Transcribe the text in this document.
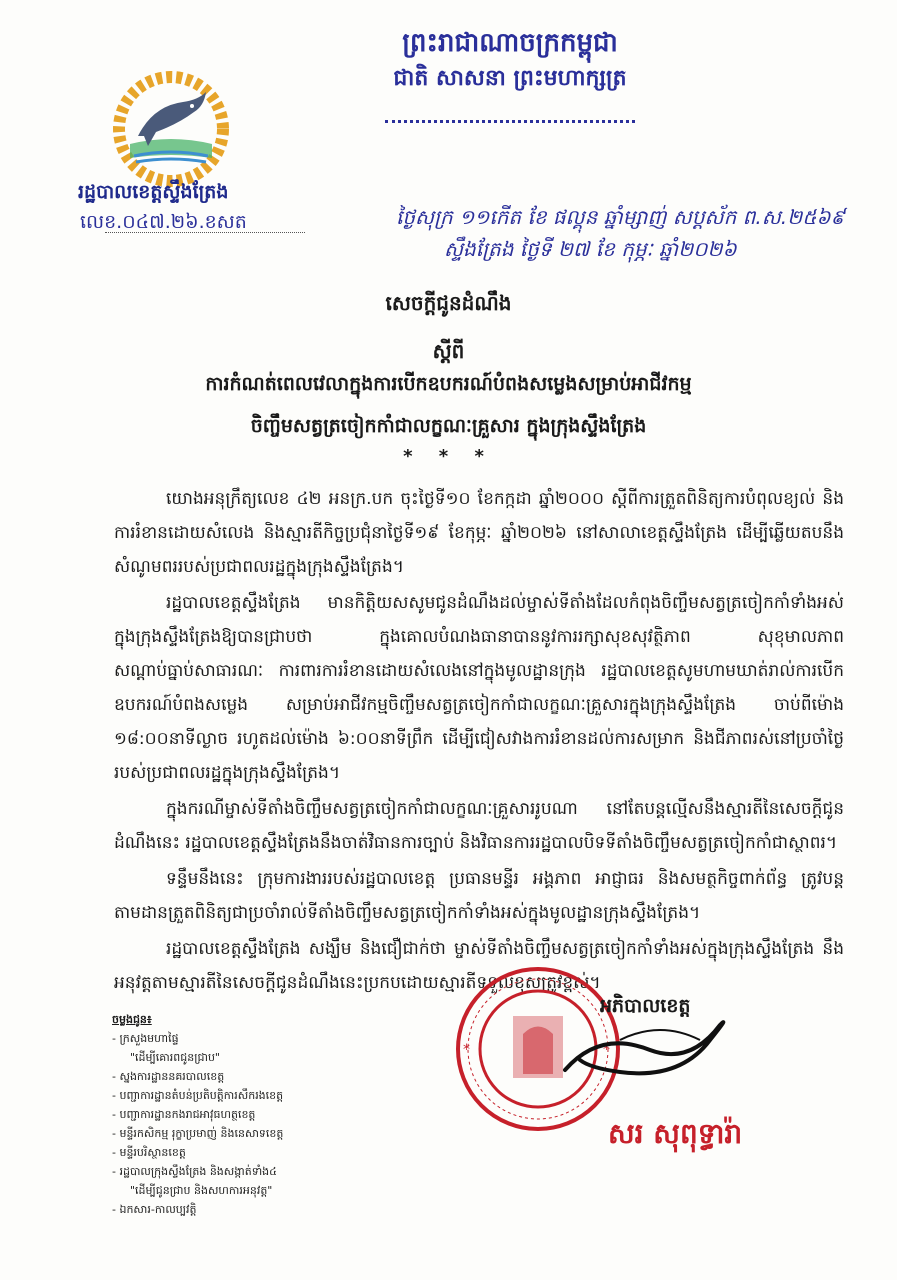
ព្រះរាជាណាចក្រកម្ពុជា
ជាតិ សាសនា ព្រះមហាក្សត្រ
រដ្ឋបាលខេត្តស្ទឹងត្រែង
លេខ.០៤៧.២៦.ខសត	ថ្ងៃសុក្រ ១១កើត ខែ ផល្គុន ឆ្នាំម្សាញ់ សប្តស័ក ព.ស.២៥៦៩
ស្ទឹងត្រែង ថ្ងៃទី ២៧ ខែ កុម្ភៈ ឆ្នាំ២០២៦
សេចក្តីជូនដំណឹង
ស្តីពី
ការកំណត់ពេលវេលាក្នុងការបើកឧបករណ៍បំពងសម្លេងសម្រាប់អាជីវកម្ម
ចិញ្ចឹមសត្វត្រចៀកកាំជាលក្ខណៈគ្រួសារ ក្នុងក្រុងស្ទឹងត្រែង
* * *

យោងអនុក្រឹត្យលេខ ៤២ អនក្រ.បក ចុះថ្ងៃទី១០ ខែកក្កដា ឆ្នាំ២០០០ ស្តីពីការត្រួតពិនិត្យការបំពុលខ្យល់ និងការរំខានដោយសំលេង និងស្មារតីកិច្ចប្រជុំនាថ្ងៃទី១៩ ខែកុម្ភៈ ឆ្នាំ២០២៦ នៅសាលាខេត្តស្ទឹងត្រែង ដើម្បីឆ្លើយតបនឹងសំណូមពររបស់ប្រជាពលរដ្ឋក្នុងក្រុងស្ទឹងត្រែង។

រដ្ឋបាលខេត្តស្ទឹងត្រែង មានកិត្តិយសសូមជូនដំណឹងដល់ម្ចាស់ទីតាំងដែលកំពុងចិញ្ចឹមសត្វត្រចៀកកាំទាំងអស់ក្នុងក្រុងស្ទឹងត្រែងឱ្យបានជ្រាបថា ក្នុងគោលបំណងធានាបាននូវការរក្សាសុខសុវត្ថិភាព សុខុមាលភាព សណ្តាប់ធ្នាប់សាធារណៈ ការពារការរំខានដោយសំលេងនៅក្នុងមូលដ្ឋានក្រុង រដ្ឋបាលខេត្តសូមហាមឃាត់រាល់ការបើកឧបករណ៍បំពងសម្លេង សម្រាប់អាជីវកម្មចិញ្ចឹមសត្វត្រចៀកកាំជាលក្ខណៈគ្រួសារក្នុងក្រុងស្ទឹងត្រែង ចាប់ពីម៉ោង ១៨:០០នាទីល្ងាច រហូតដល់ម៉ោង ៦:០០នាទីព្រឹក ដើម្បីជៀសវាងការរំខានដល់ការសម្រាក និងជីភាពរស់នៅប្រចាំថ្ងៃរបស់ប្រជាពលរដ្ឋក្នុងក្រុងស្ទឹងត្រែង។

ក្នុងករណីម្ចាស់ទីតាំងចិញ្ចឹមសត្វត្រចៀកកាំជាលក្ខណៈគ្រួសាររូបណា នៅតែបន្តល្មើសនឹងស្មារតីនៃសេចក្តីជូនដំណឹងនេះ រដ្ឋបាលខេត្តស្ទឹងត្រែងនឹងចាត់វិធានការច្បាប់ និងវិធានការរដ្ឋបាលបិទទីតាំងចិញ្ចឹមសត្វត្រចៀកកាំជាស្ថាពរ។

ទន្ទឹមនឹងនេះ ក្រុមការងាររបស់រដ្ឋបាលខេត្ត ប្រធានមន្ទីរ អង្គភាព អាជ្ញាធរ និងសមត្ថកិច្ចពាក់ព័ន្ធ ត្រូវបន្តតាមដានត្រួតពិនិត្យជាប្រចាំរាល់ទីតាំងចិញ្ចឹមសត្វត្រចៀកកាំទាំងអស់ក្នុងមូលដ្ឋានក្រុងស្ទឹងត្រែង។

រដ្ឋបាលខេត្តស្ទឹងត្រែង សង្ឃឹម និងជឿជាក់ថា ម្ចាស់ទីតាំងចិញ្ចឹមសត្វត្រចៀកកាំទាំងអស់ក្នុងក្រុងស្ទឹងត្រែង នឹងអនុវត្តតាមស្មារតីនៃសេចក្តីជូនដំណឹងនេះប្រកបដោយស្មារតីទទួលខុសត្រូវខ្ពស់។

*	*
អភិបាលខេត្ត
សរ សុពុទ្ធារ៉ា
ចម្លងជូន៖
- ក្រសួងមហាផ្ទៃ
"ដើម្បីគោរពជូនជ្រាប"
- ស្នងការដ្ឋាននគរបាលខេត្ត
- បញ្ជាការដ្ឋានតំបន់ប្រតិបត្តិការសឹករងខេត្ត
- បញ្ជាការដ្ឋានកងរាជអាវុធហត្ថខេត្ត
- មន្ទីរកសិកម្ម រុក្ខាប្រមាញ់ និងនេសាទខេត្ត
- មន្ទីរបរិស្ថានខេត្ត
- រដ្ឋបាលក្រុងស្ទឹងត្រែង និងសង្កាត់ទាំង៤
"ដើម្បីជូនជ្រាប និងសហការអនុវត្ត"
- ឯកសារ-កាលប្បវត្តិ
